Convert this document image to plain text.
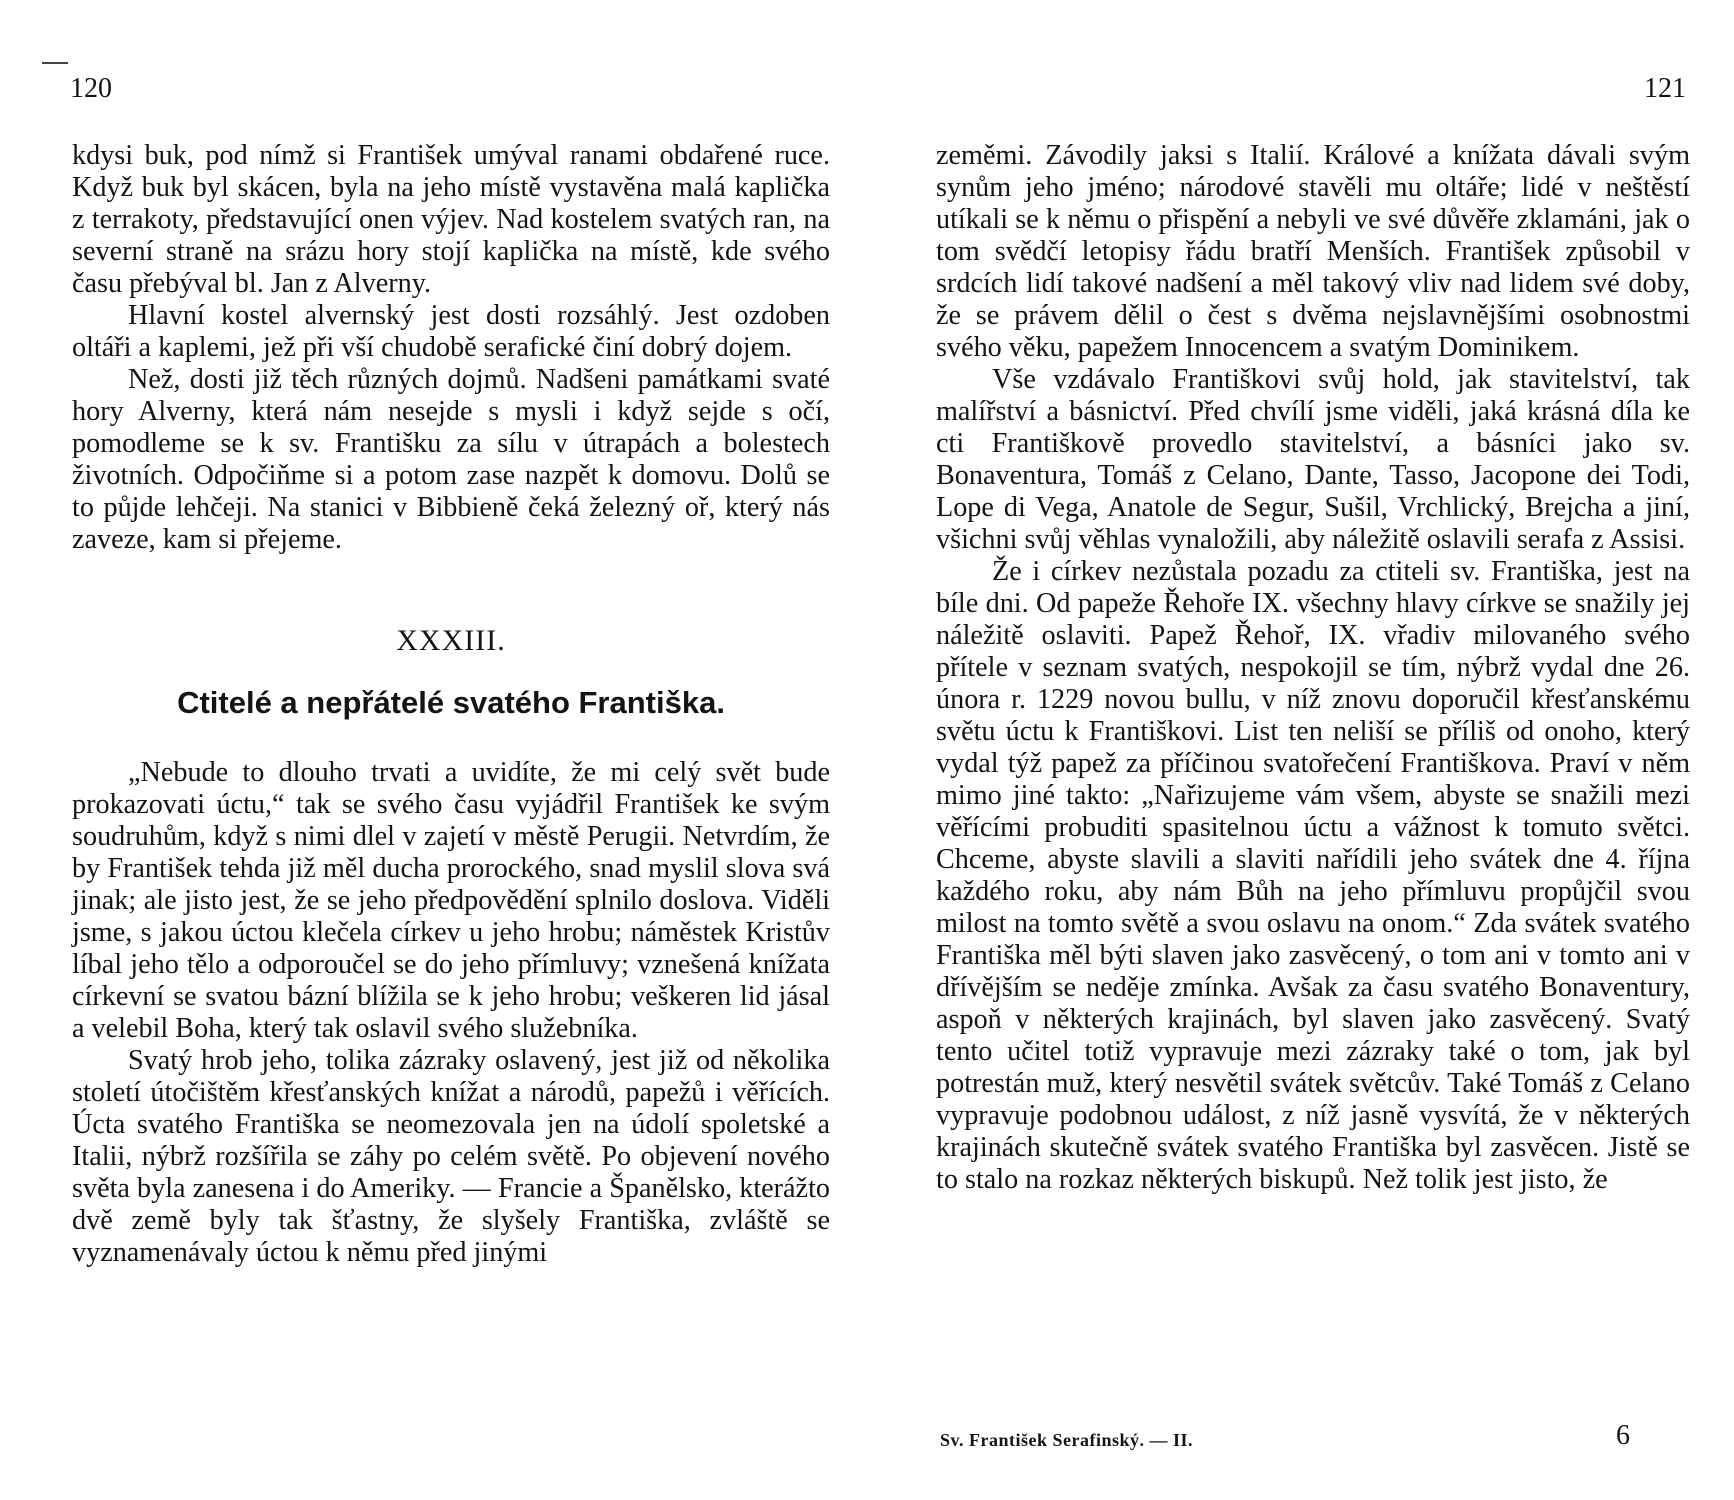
120	121

kdysi buk, pod nímž si František umýval ranami obdařené ruce. Když buk byl skácen, byla na jeho místě vystavěna malá kaplička z terrakoty, představující onen výjev. Nad kostelem svatých ran, na severní straně na srázu hory stojí kaplička na místě, kde svého času přebýval bl. Jan z Alverny.

Hlavní kostel alvernský jest dosti rozsáhlý. Jest ozdoben oltáři a kaplemi, jež při vší chudobě serafické činí dobrý dojem.

Než, dosti již těch různých dojmů. Nadšeni památkami svaté hory Alverny, která nám nesejde s mysli i když sejde s očí, pomodleme se k sv. Františku za sílu v útrapách a bolestech životních. Odpočiňme si a potom zase nazpět k domovu. Dolů se to půjde lehčeji. Na stanici v Bibbieně čeká železný oř, který nás zaveze, kam si přejeme.

XXXIII.
Ctitelé a nepřátelé svatého Františka.

„Nebude to dlouho trvati a uvidíte, že mi celý svět bude prokazovati úctu,“ tak se svého času vyjádřil František ke svým soudruhům, když s nimi dlel v zajetí v městě Perugii. Netvrdím, že by František tehda již měl ducha prorockého, snad myslil slova svá jinak; ale jisto jest, že se jeho předpovědění splnilo doslova. Viděli jsme, s jakou úctou klečela církev u jeho hrobu; náměstek Kristův líbal jeho tělo a odporoučel se do jeho přímluvy; vznešená knížata církevní se svatou bázní blížila se k jeho hrobu; veškeren lid jásal a velebil Boha, který tak oslavil svého služebníka.

Svatý hrob jeho, tolika zázraky oslavený, jest již od několika století útočištěm křesťanských knížat a národů, papežů i věřících. Úcta svatého Františka se neomezovala jen na údolí spoletské a Italii, nýbrž rozšířila se záhy po celém světě. Po objevení nového světa byla zanesena i do Ameriky. — Francie a Španělsko, kterážto dvě země byly tak šťastny, že slyšely Františka, zvláště se vyznamenávaly úctou k němu před jinými

zeměmi. Závodily jaksi s Italií. Králové a knížata dávali svým synům jeho jméno; národové stavěli mu oltáře; lidé v neštěstí utíkali se k němu o přispění a nebyli ve své důvěře zklamáni, jak o tom svědčí letopisy řádu bratří Menších. František způsobil v srdcích lidí takové nadšení a měl takový vliv nad lidem své doby, že se právem dělil o čest s dvěma nejslavnějšími osobnostmi svého věku, papežem Innocencem a svatým Dominikem.

Vše vzdávalo Františkovi svůj hold, jak stavitelství, tak malířství a básnictví. Před chvílí jsme viděli, jaká krásná díla ke cti Františkově provedlo stavitelství, a básníci jako sv. Bonaventura, Tomáš z Celano, Dante, Tasso, Jacopone dei Todi, Lope di Vega, Anatole de Segur, Sušil, Vrchlický, Brejcha a jiní, všichni svůj věhlas vynaložili, aby náležitě oslavili serafa z Assisi.

Že i církev nezůstala pozadu za ctiteli sv. Františka, jest na bíle dni. Od papeže Řehoře IX. všechny hlavy církve se snažily jej náležitě oslaviti. Papež Řehoř, IX. vřadiv milovaného svého přítele v seznam svatých, nespokojil se tím, nýbrž vydal dne 26. února r. 1229 novou bullu, v níž znovu doporučil křesťanskému světu úctu k Františkovi. List ten neliší se příliš od onoho, který vydal týž papež za příčinou svatořečení Františkova. Praví v něm mimo jiné takto: „Nařizujeme vám všem, abyste se snažili mezi věřícími probuditi spasitelnou úctu a vážnost k tomuto světci. Chceme, abyste slavili a slaviti nařídili jeho svátek dne 4. října každého roku, aby nám Bůh na jeho přímluvu propůjčil svou milost na tomto světě a svou oslavu na onom.“ Zda svátek svatého Františka měl býti slaven jako zasvěcený, o tom ani v tomto ani v dřívějším se neděje zmínka. Avšak za času svatého Bonaventury, aspoň v některých krajinách, byl slaven jako zasvěcený. Svatý tento učitel totiž vypravuje mezi zázraky také o tom, jak byl potrestán muž, který nesvětil svátek světcův. Také Tomáš z Celano vypravuje podobnou událost, z níž jasně vysvítá, že v některých krajinách skutečně svátek svatého Františka byl zasvěcen. Jistě se to stalo na rozkaz některých biskupů. Než tolik jest jisto, že

Sv. František Serafinský. — II.	6
